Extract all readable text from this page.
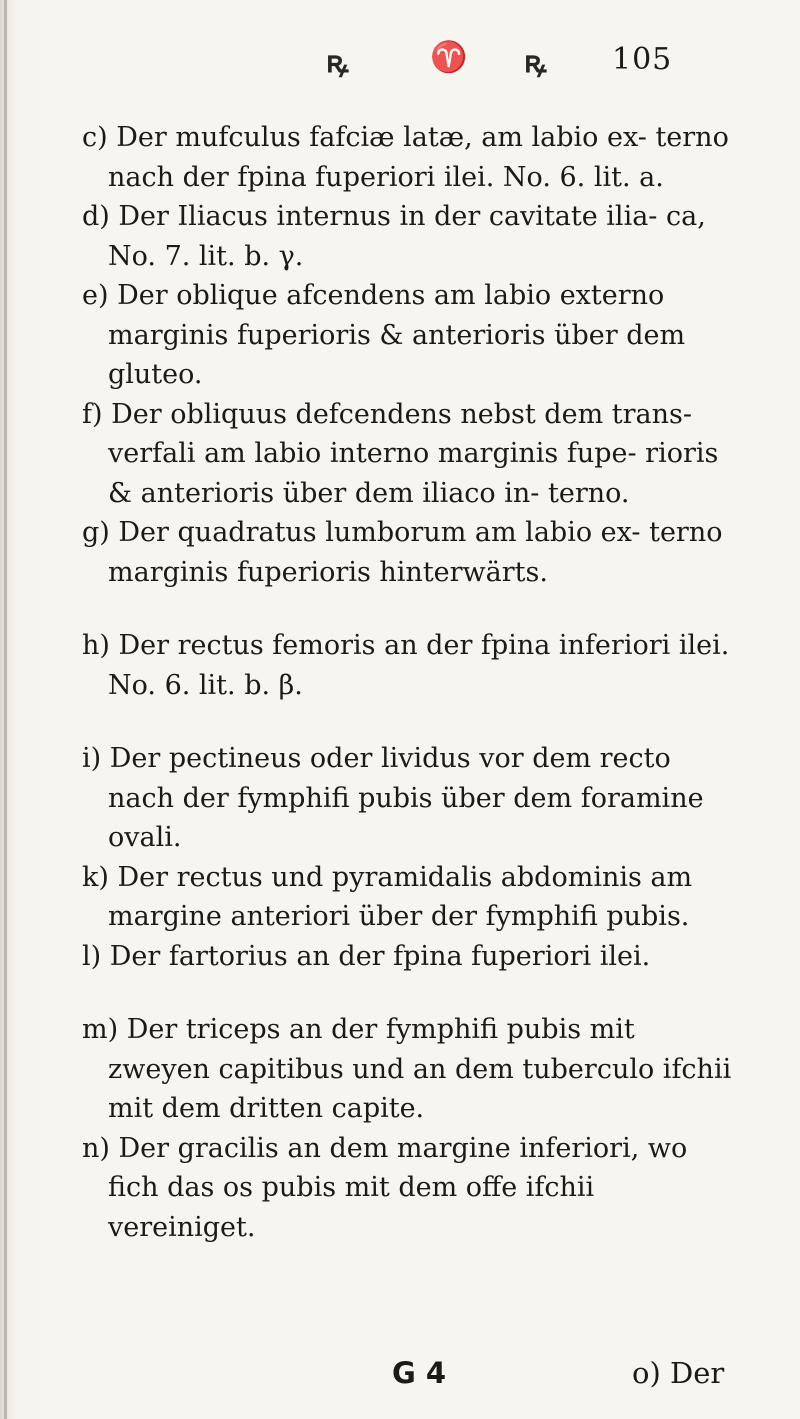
ꝶ	♈ ꝶ 105

c) Der mufculus fafciæ latæ, am labio ex- terno nach der fpina fuperiori ilei. No. 6. lit. a.

d) Der Iliacus internus in der cavitate ilia- ca, No. 7. lit. b. γ.

e) Der oblique afcendens am labio externo marginis fuperioris & anterioris über dem gluteo.

f) Der obliquus defcendens nebst dem trans- verfali am labio interno marginis fupe- rioris & anterioris über dem iliaco in- terno.

g) Der quadratus lumborum am labio ex- terno marginis fuperioris hinterwärts.

h) Der rectus femoris an der fpina inferiori ilei. No. 6. lit. b. β.

i) Der pectineus oder lividus vor dem recto nach der fymphifi pubis über dem foramine ovali.

k) Der rectus und pyramidalis abdominis am margine anteriori über der fymphifi pubis.

l) Der fartorius an der fpina fuperiori ilei.

m) Der triceps an der fymphifi pubis mit zweyen capitibus und an dem tuberculo ifchii mit dem dritten capite.

n) Der gracilis an dem margine inferiori, wo fich das os pubis mit dem offe ifchii vereiniget.

G 4	o) Der
